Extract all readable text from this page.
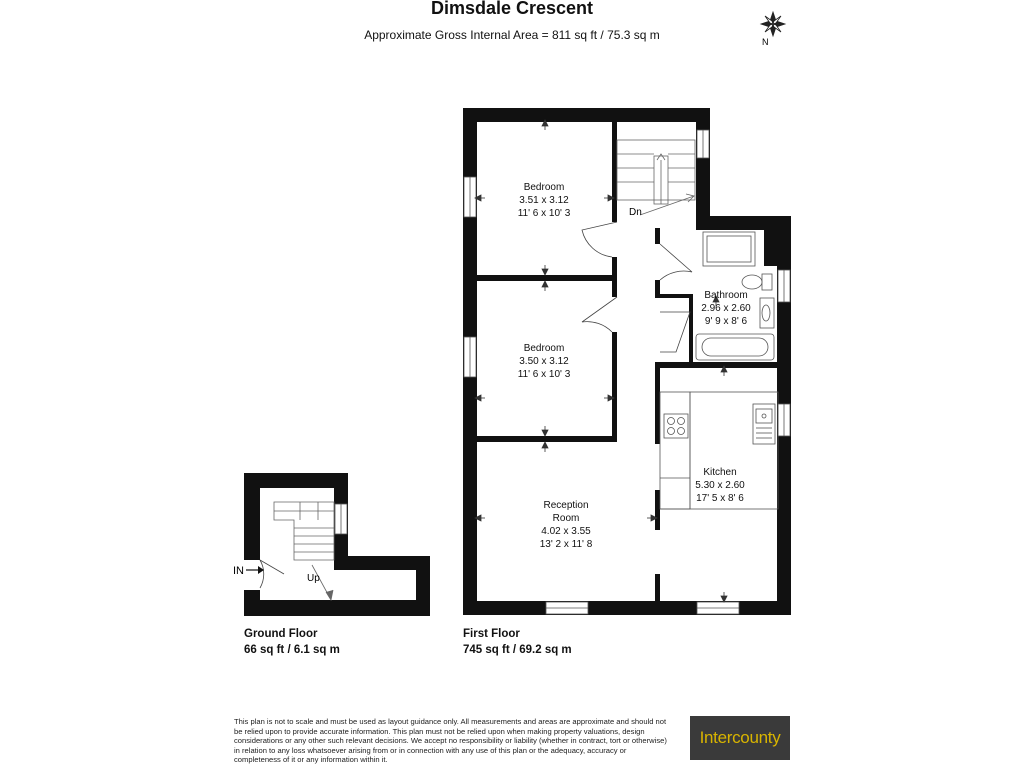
Dimsdale Crescent
Approximate Gross Internal Area = 811 sq ft / 75.3 sq m	N
IN
Up
Dn
Bedroom
3.51 x 3.12
11' 6 x 10' 3
Bedroom
3.50 x 3.12
11' 6 x 10' 3
Bathroom
2.96 x 2.60
9' 9 x 8' 6
Kitchen
5.30 x 2.60
17' 5 x 8' 6
Reception
Room
4.02 x 3.55
13' 2 x 11' 8
Ground Floor
66 sq ft / 6.1 sq m
First Floor
745 sq ft / 69.2 sq m
This plan is not to scale and must be used as layout guidance only. All measurements and areas are approximate and should not be relied upon to provide accurate information. This plan must not be relied upon when making property valuations, design considerations or any other such relevant decisions. We accept no responsibility or liability (whether in contract, tort or otherwise) in relation to any loss whatsoever arising from or in connection with any use of this plan or the adequacy, accuracy or completeness of it or any information within it.
Intercounty
